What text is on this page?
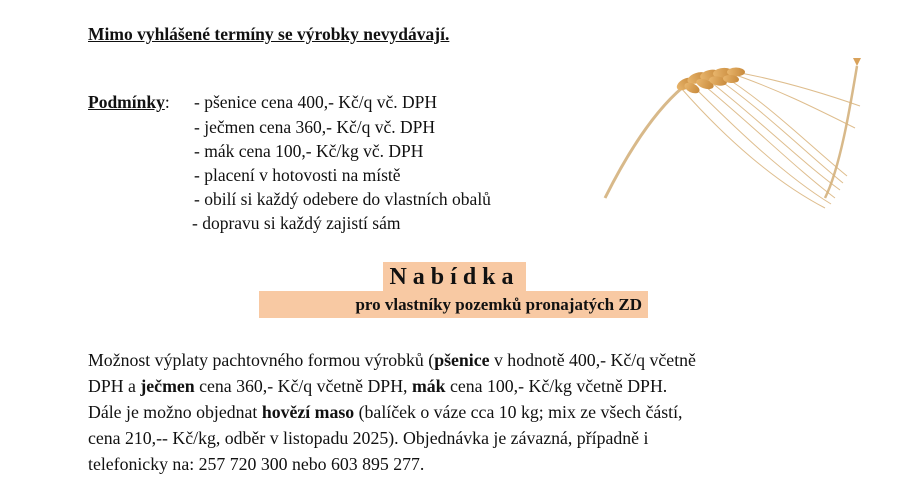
Mimo vyhlášené termíny se výrobky nevydávají.
Podmínky: - pšenice cena 400,- Kč/q vč. DPH
- ječmen cena 360,- Kč/q vč. DPH
- mák cena 100,- Kč/kg vč. DPH
- placení v hotovosti na místě
- obilí si každý odebere do vlastních obalů
- dopravu si každý zajistí sám
Nabídka
pro vlastníky pozemků pronajatých ZD
Možnost výplaty pachtovného formou výrobků (pšenice v hodnotě 400,- Kč/q včetně
DPH a ječmen cena 360,- Kč/q včetně DPH, mák cena 100,- Kč/kg včetně DPH.
Dále je možno objednat hovězí maso (balíček o váze cca 10 kg; mix ze všech částí,
cena 210,-- Kč/kg, odběr v listopadu 2025). Objednávka je závazná, případně i
telefonicky na: 257 720 300 nebo 603 895 277.
